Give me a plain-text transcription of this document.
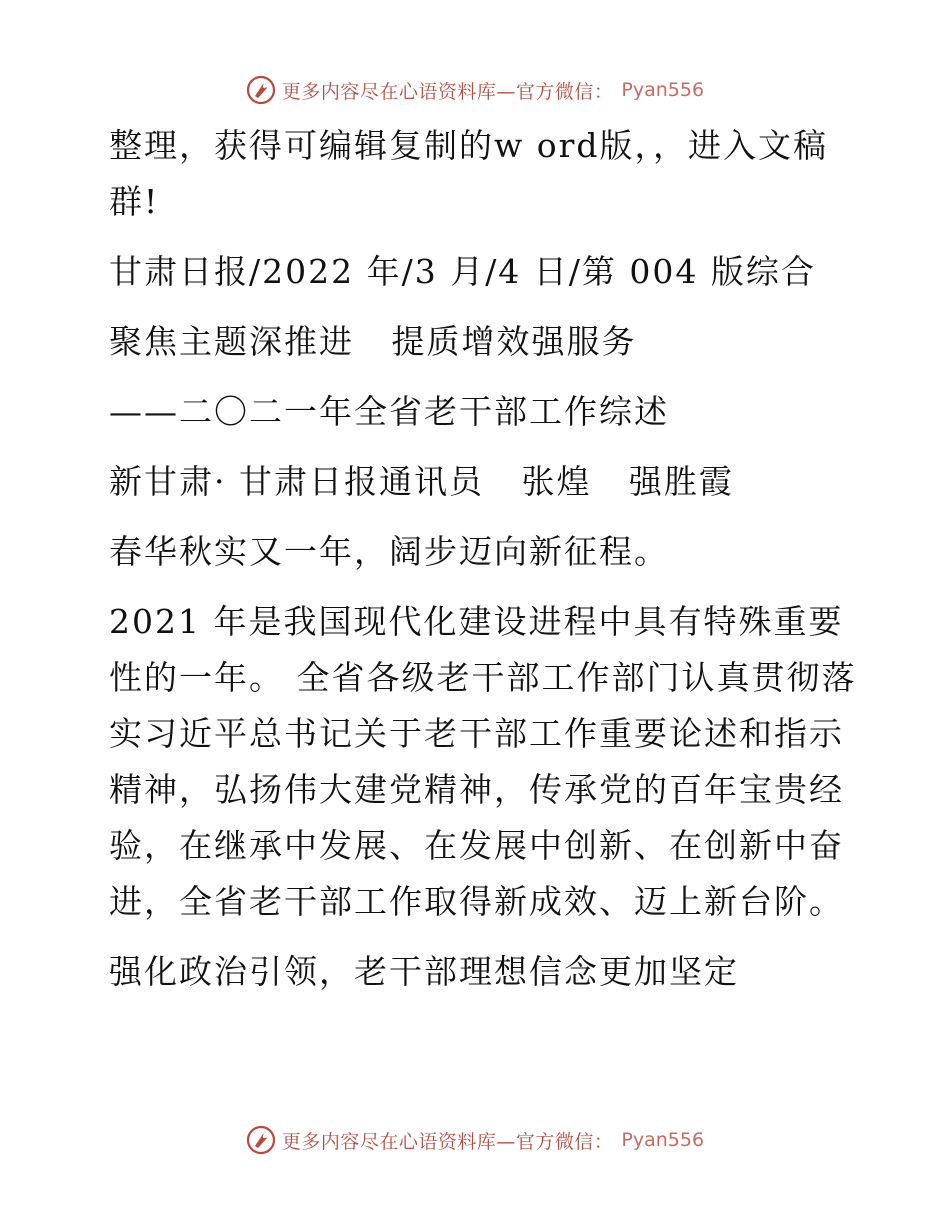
更多内容尽在心语资料库—官方微信： Pyan556

整理，获得可编辑复制的w ord版，，进入文稿群!

甘肃日报/2022 年/3 月/4 日/第 004 版综合

聚焦主题深推进   提质增效强服务

——二〇二一年全省老干部工作综述

新甘肃· 甘肃日报通讯员   张煌   强胜霞

春华秋实又一年，阔步迈向新征程。

2021 年是我国现代化建设进程中具有特殊重要性的一年。 全省各级老干部工作部门认真贯彻落实习近平总书记关于老干部工作重要论述和指示精神，弘扬伟大建党精神，传承党的百年宝贵经验，在继承中发展、在发展中创新、在创新中奋进，全省老干部工作取得新成效、迈上新台阶。

强化政治引领，老干部理想信念更加坚定

更多内容尽在心语资料库—官方微信： Pyan556
